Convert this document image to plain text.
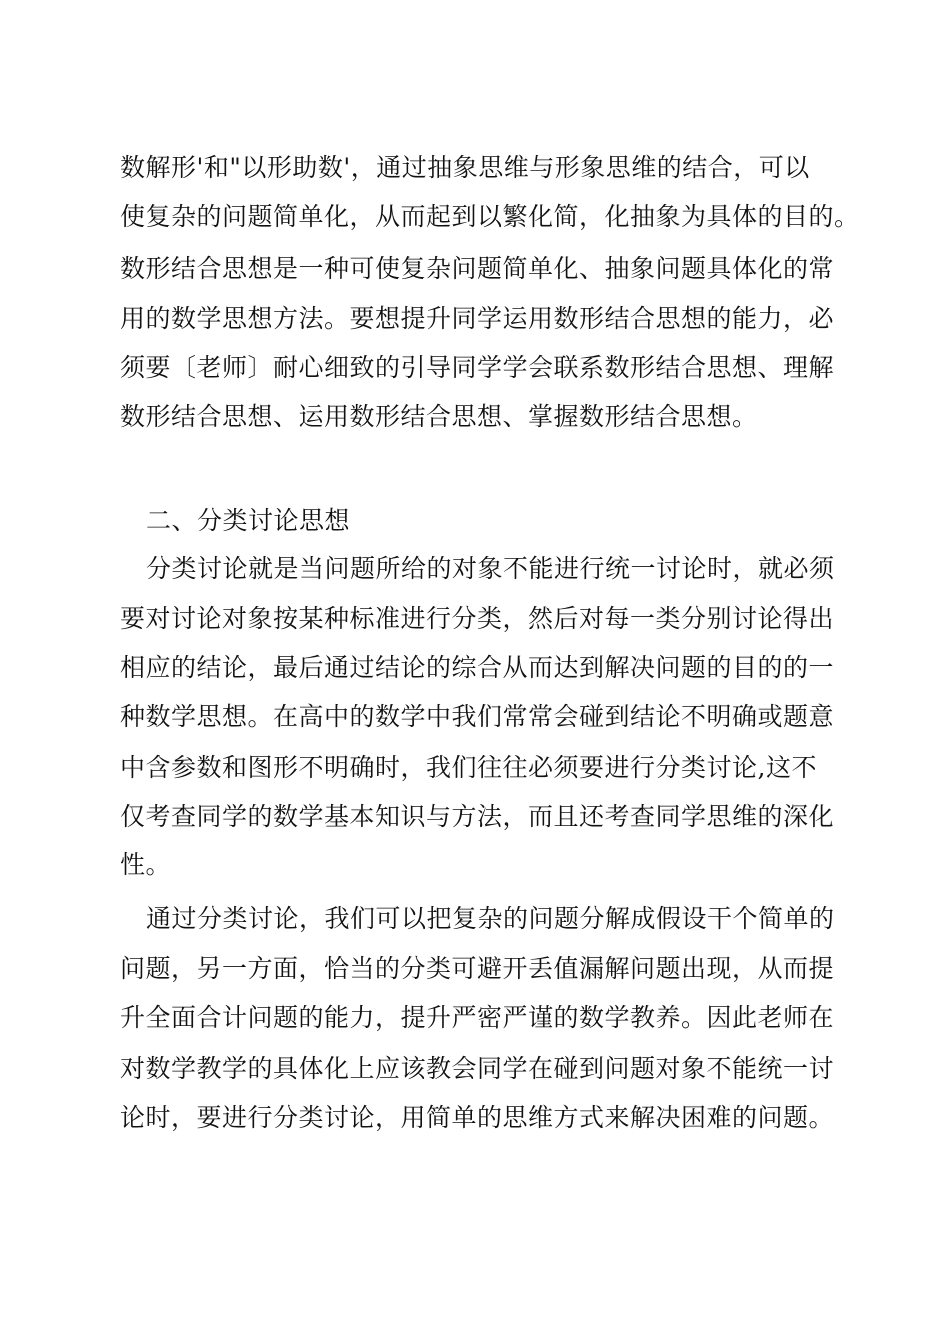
数解形'和"以形助数'，通过抽象思维与形象思维的结合，可以
使复杂的问题简单化，从而起到以繁化简，化抽象为具体的目的。
数形结合思想是一种可使复杂问题简单化、抽象问题具体化的常
用的数学思想方法。要想提升同学运用数形结合思想的能力，必
须要〔老师〕耐心细致的引导同学学会联系数形结合思想、理解
数形结合思想、运用数形结合思想、掌握数形结合思想。
二、分类讨论思想
分类讨论就是当问题所给的对象不能进行统一讨论时，就必须
要对讨论对象按某种标准进行分类，然后对每一类分别讨论得出
相应的结论，最后通过结论的综合从而达到解决问题的目的的一
种数学思想。在高中的数学中我们常常会碰到结论不明确或题意
中含参数和图形不明确时，我们往往必须要进行分类讨论,这不
仅考查同学的数学基本知识与方法，而且还考查同学思维的深化
性。
通过分类讨论，我们可以把复杂的问题分解成假设干个简单的
问题，另一方面，恰当的分类可避开丢值漏解问题出现，从而提
升全面合计问题的能力，提升严密严谨的数学教养。因此老师在
对数学教学的具体化上应该教会同学在碰到问题对象不能统一讨
论时，要进行分类讨论，用简单的思维方式来解决困难的问题。
